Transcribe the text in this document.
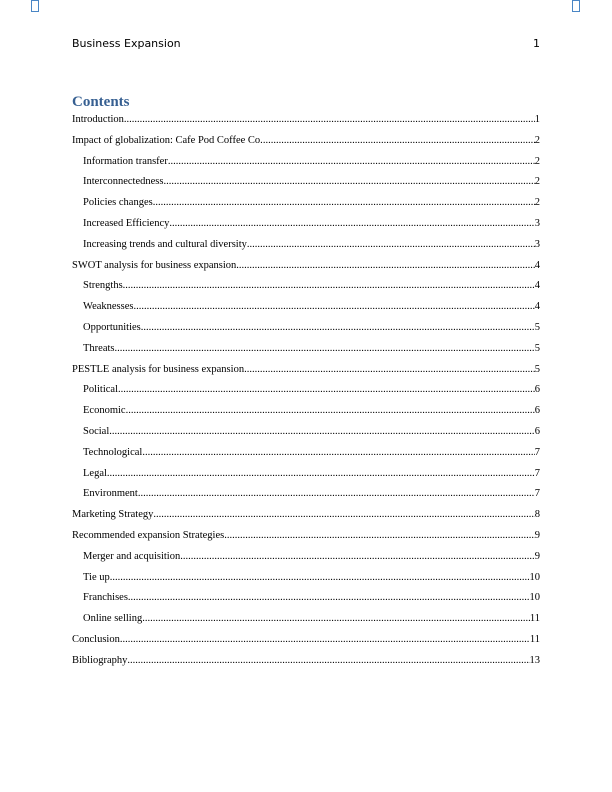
Business Expansion	1
Contents
Introduction .....	1
Impact of globalization: Cafe Pod Coffee Co. .....	2
Information transfer .....	2
Interconnectedness .....	2
Policies changes .....	2
Increased Efficiency .....	3
Increasing trends and cultural diversity .....	3
SWOT analysis for business expansion .....	4
Strengths .....	4
Weaknesses .....	4
Opportunities .....	5
Threats .....	5
PESTLE analysis for business expansion .....	5
Political .....	6
Economic .....	6
Social .....	6
Technological .....	7
Legal .....	7
Environment .....	7
Marketing Strategy .....	8
Recommended expansion Strategies .....	9
Merger and acquisition .....	9
Tie up .....	10
Franchises .....	10
Online selling .....	11
Conclusion .....	11
Bibliography .....	13
